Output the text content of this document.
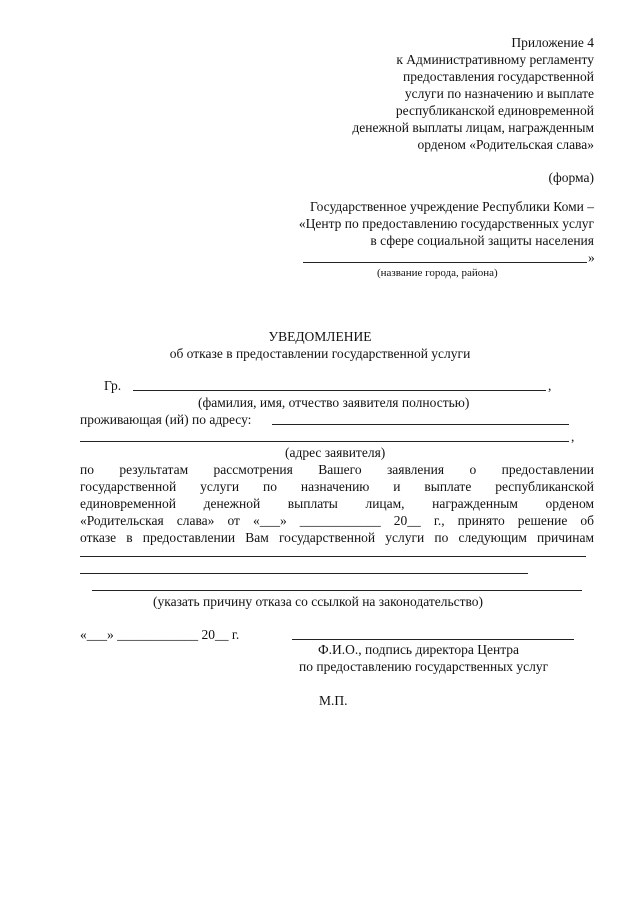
Приложение 4
к Административному регламенту
предоставления государственной
услуги по назначению и выплате
республиканской единовременной
денежной выплаты лицам, награжденным
орденом «Родительская слава»
(форма)
Государственное учреждение Республики Коми –
«Центр по предоставлению государственных услуг
в сфере социальной защиты населения
»
(название города, района)
УВЕДОМЛЕНИЕ
об отказе в предоставлении государственной услуги
Гр.	,
(фамилия, имя, отчество заявителя полностью)
проживающая (ий) по адресу:
,
(адрес заявителя)
по результатам рассмотрения Вашего заявления о предоставлении
государственной услуги по назначению и выплате республиканской
единовременной денежной выплаты лицам, награжденным орденом
«Родительская слава» от «___» ____________ 20__ г., принято решение об
отказе в предоставлении Вам государственной услуги по следующим причинам
(указать причину отказа со ссылкой на законодательство)
«___» ____________ 20__ г.
Ф.И.О., подпись директора Центра
по предоставлению государственных услуг
М.П.
